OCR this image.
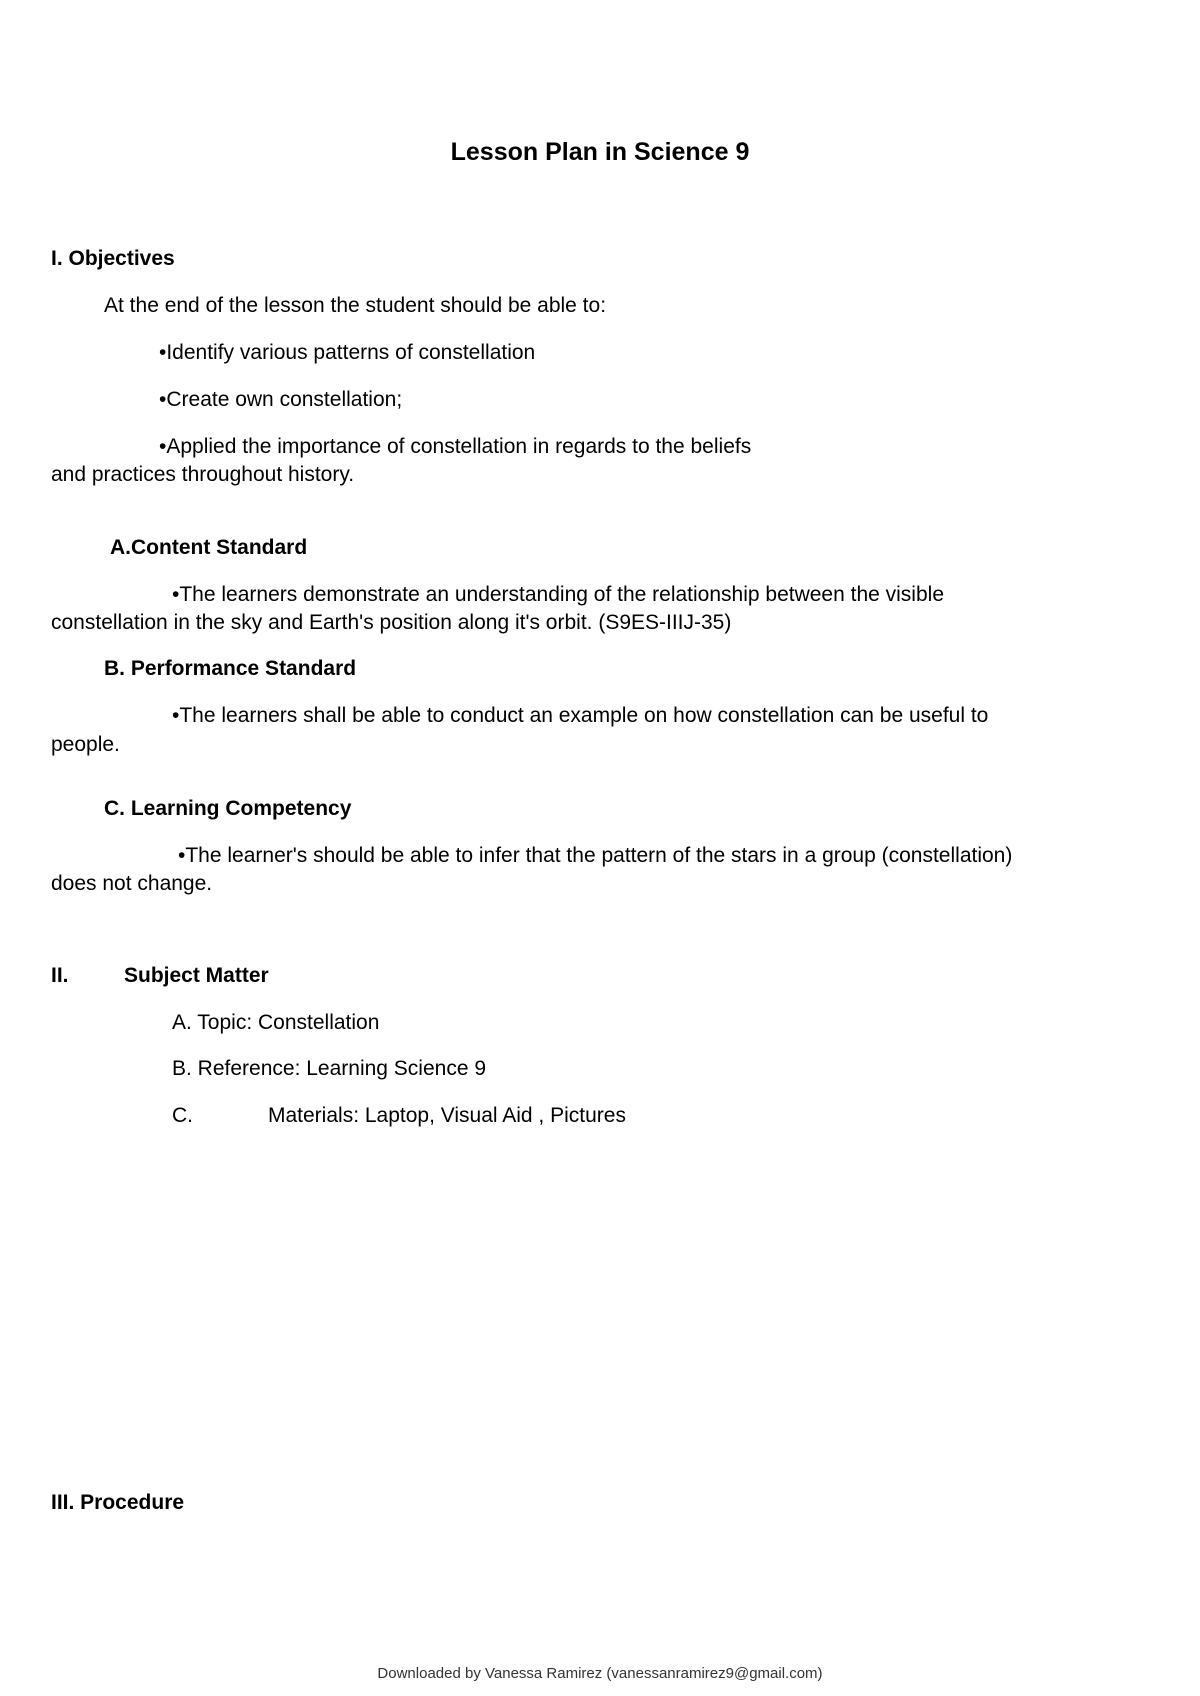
Lesson Plan in Science 9
I. Objectives
At the end of the lesson the student should be able to:
•Identify various patterns of constellation
•Create own constellation;
•Applied the importance of constellation in regards to the beliefs
and practices throughout history.
A.Content Standard
•The learners demonstrate an understanding of the relationship between the visible
constellation in the sky and Earth's position along it's orbit. (S9ES-IIIJ-35)
B. Performance Standard
•The learners shall be able to conduct an example on how constellation can be useful to
people.
C. Learning Competency
•The learner's should be able to infer that the pattern of the stars in a group (constellation)
does not change.
II.	Subject Matter
A. Topic: Constellation
B. Reference: Learning Science 9
C.	Materials: Laptop, Visual Aid , Pictures
III. Procedure
Downloaded by Vanessa Ramirez (vanessanramirez9@gmail.com)
